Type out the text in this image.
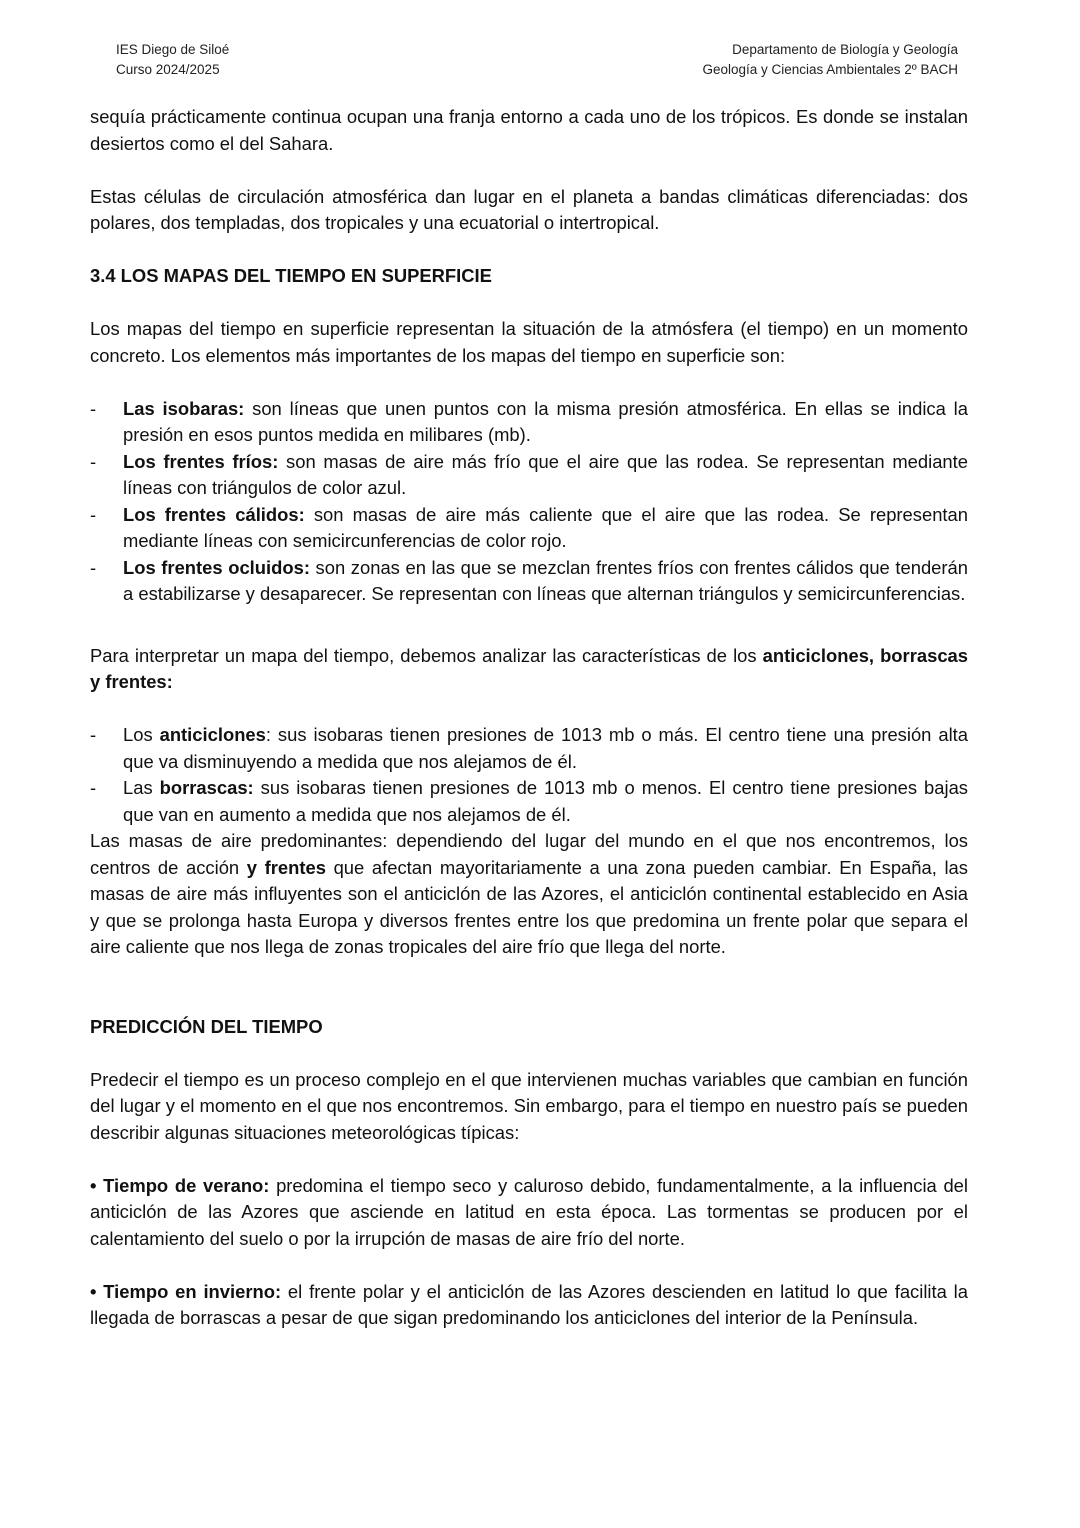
IES Diego de Siloé
Curso 2024/2025
Departamento de Biología y Geología
Geología y Ciencias Ambientales 2º BACH

sequía prácticamente continua ocupan una franja entorno a cada uno de los trópicos. Es donde se instalan desiertos como el del Sahara.

Estas células de circulación atmosférica dan lugar en el planeta a bandas climáticas diferenciadas: dos polares, dos templadas, dos tropicales y una ecuatorial o intertropical.

3.4 LOS MAPAS DEL TIEMPO EN SUPERFICIE

Los mapas del tiempo en superficie representan la situación de la atmósfera (el tiempo) en un momento concreto. Los elementos más importantes de los mapas del tiempo en superficie son:

- Las isobaras: son líneas que unen puntos con la misma presión atmosférica. En ellas se indica la presión en esos puntos medida en milibares (mb).
- Los frentes fríos: son masas de aire más frío que el aire que las rodea. Se representan mediante líneas con triángulos de color azul.
- Los frentes cálidos: son masas de aire más caliente que el aire que las rodea. Se representan mediante líneas con semicircunferencias de color rojo.
- Los frentes ocluidos: son zonas en las que se mezclan frentes fríos con frentes cálidos que tenderán a estabilizarse y desaparecer. Se representan con líneas que alternan triángulos y semicircunferencias.

Para interpretar un mapa del tiempo, debemos analizar las características de los anticiclones, borrascas y frentes:

- Los anticiclones: sus isobaras tienen presiones de 1013 mb o más. El centro tiene una presión alta que va disminuyendo a medida que nos alejamos de él.
- Las borrascas: sus isobaras tienen presiones de 1013 mb o menos. El centro tiene presiones bajas que van en aumento a medida que nos alejamos de él.

Las masas de aire predominantes: dependiendo del lugar del mundo en el que nos encontremos, los centros de acción y frentes que afectan mayoritariamente a una zona pueden cambiar. En España, las masas de aire más influyentes son el anticiclón de las Azores, el anticiclón continental establecido en Asia y que se prolonga hasta Europa y diversos frentes entre los que predomina un frente polar que separa el aire caliente que nos llega de zonas tropicales del aire frío que llega del norte.

PREDICCIÓN DEL TIEMPO

Predecir el tiempo es un proceso complejo en el que intervienen muchas variables que cambian en función del lugar y el momento en el que nos encontremos. Sin embargo, para el tiempo en nuestro país se pueden describir algunas situaciones meteorológicas típicas:

• Tiempo de verano: predomina el tiempo seco y caluroso debido, fundamentalmente, a la influencia del anticiclón de las Azores que asciende en latitud en esta época. Las tormentas se producen por el calentamiento del suelo o por la irrupción de masas de aire frío del norte.

• Tiempo en invierno: el frente polar y el anticiclón de las Azores descienden en latitud lo que facilita la llegada de borrascas a pesar de que sigan predominando los anticiclones del interior de la Península.
